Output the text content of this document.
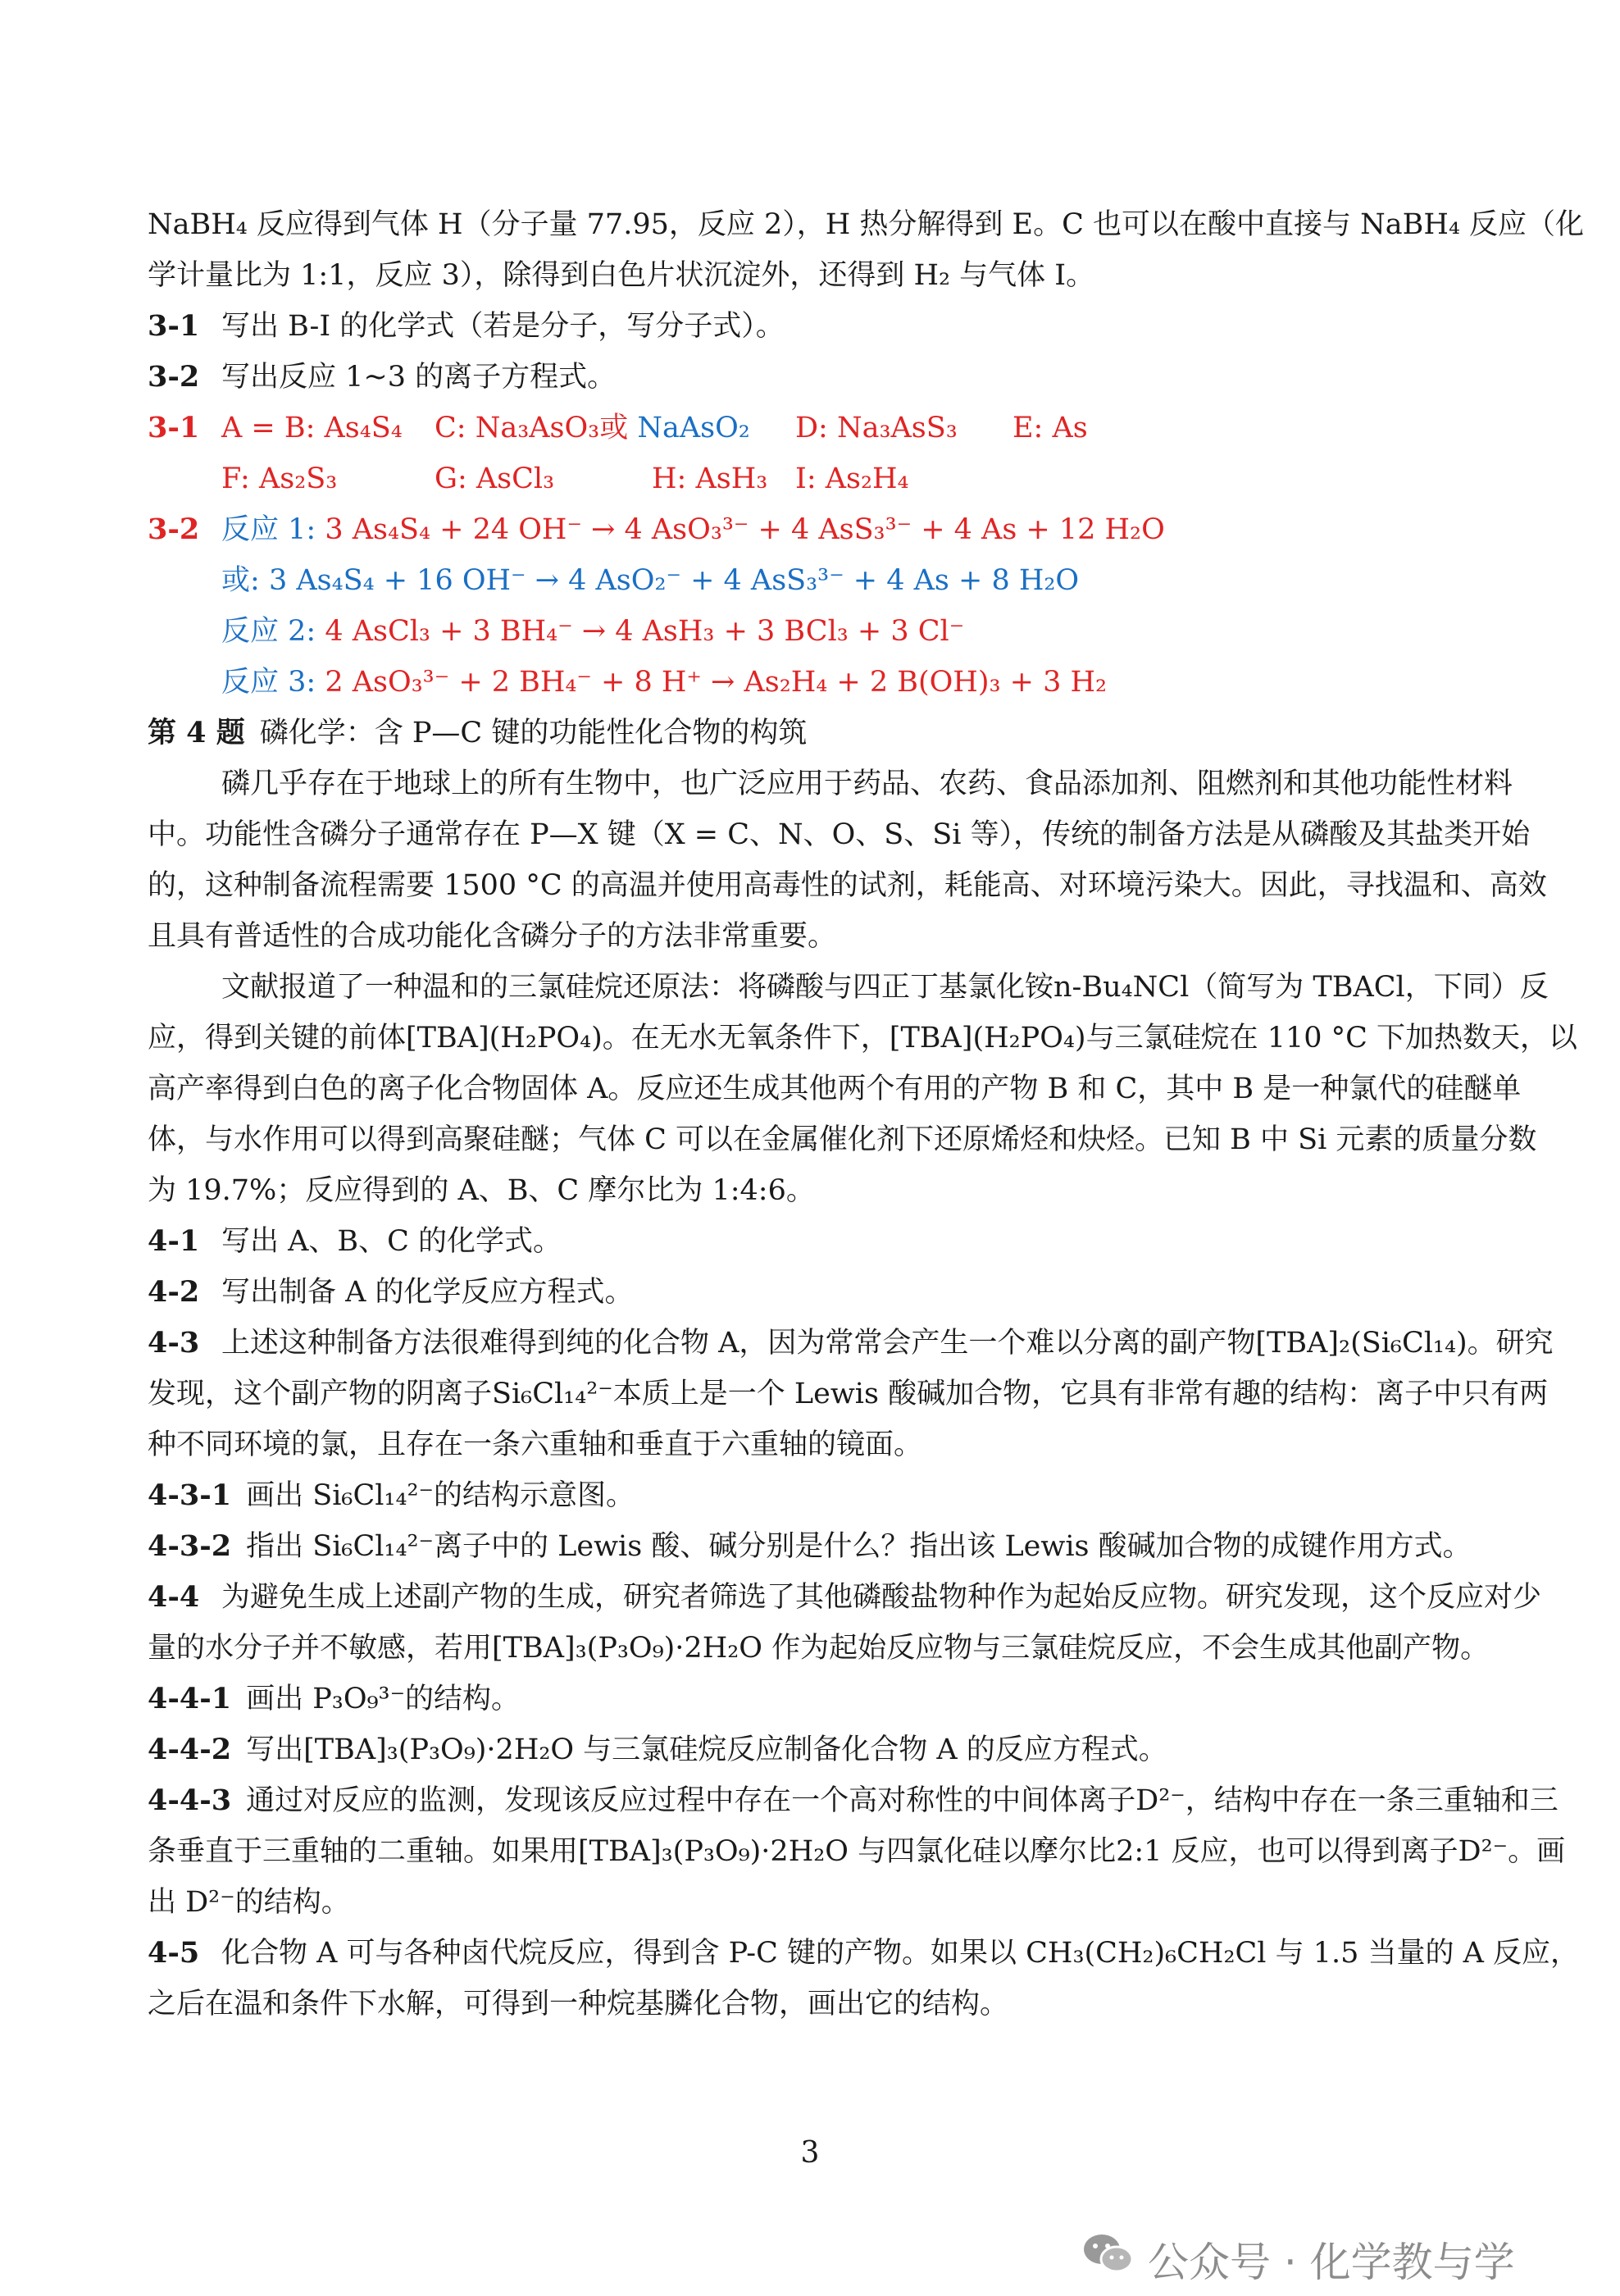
NaBH₄ 反应得到气体 H（分子量 77.95，反应 2），H 热分解得到 E。C 也可以在酸中直接与 NaBH₄ 反应（化
学计量比为 1:1，反应 3），除得到白色片状沉淀外，还得到 H₂ 与气体 I。
3-1 写出 B-I 的化学式（若是分子，写分子式）。
3-2 写出反应 1~3 的离子方程式。
3-1 A = B: As₄S₄ C: Na₃AsO₃或 NaAsO₂ D: Na₃AsS₃ E: As
F: As₂S₃	G: AsCl₃	H: AsH₃ I: As₂H₄
3-2 反应 1: 3 As₄S₄ + 24 OH⁻ → 4 AsO₃³⁻ + 4 AsS₃³⁻ + 4 As + 12 H₂O
或: 3 As₄S₄ + 16 OH⁻ → 4 AsO₂⁻ + 4 AsS₃³⁻ + 4 As + 8 H₂O
反应 2: 4 AsCl₃ + 3 BH₄⁻ → 4 AsH₃ + 3 BCl₃ + 3 Cl⁻
反应 3: 2 AsO₃³⁻ + 2 BH₄⁻ + 8 H⁺ → As₂H₄ + 2 B(OH)₃ + 3 H₂
第 4 题 磷化学：含 P—C 键的功能性化合物的构筑
磷几乎存在于地球上的所有生物中，也广泛应用于药品、农药、食品添加剂、阻燃剂和其他功能性材料
中。功能性含磷分子通常存在 P—X 键（X = C、N、O、S、Si 等），传统的制备方法是从磷酸及其盐类开始
的，这种制备流程需要 1500 °C 的高温并使用高毒性的试剂，耗能高、对环境污染大。因此，寻找温和、高效
且具有普适性的合成功能化含磷分子的方法非常重要。
文献报道了一种温和的三氯硅烷还原法：将磷酸与四正丁基氯化铵n-Bu₄NCl（简写为 TBACl，下同）反
应，得到关键的前体[TBA](H₂PO₄)。在无水无氧条件下，[TBA](H₂PO₄)与三氯硅烷在 110 °C 下加热数天，以
高产率得到白色的离子化合物固体 A。反应还生成其他两个有用的产物 B 和 C，其中 B 是一种氯代的硅醚单
体，与水作用可以得到高聚硅醚；气体 C 可以在金属催化剂下还原烯烃和炔烃。已知 B 中 Si 元素的质量分数
为 19.7%；反应得到的 A、B、C 摩尔比为 1:4:6。
4-1 写出 A、B、C 的化学式。
4-2 写出制备 A 的化学反应方程式。
4-3 上述这种制备方法很难得到纯的化合物 A，因为常常会产生一个难以分离的副产物[TBA]₂(Si₆Cl₁₄)。研究
发现，这个副产物的阴离子Si₆Cl₁₄²⁻本质上是一个 Lewis 酸碱加合物，它具有非常有趣的结构：离子中只有两
种不同环境的氯，且存在一条六重轴和垂直于六重轴的镜面。
4-3-1 画出 Si₆Cl₁₄²⁻的结构示意图。
4-3-2 指出 Si₆Cl₁₄²⁻离子中的 Lewis 酸、碱分别是什么？指出该 Lewis 酸碱加合物的成键作用方式。
4-4 为避免生成上述副产物的生成，研究者筛选了其他磷酸盐物种作为起始反应物。研究发现，这个反应对少
量的水分子并不敏感，若用[TBA]₃(P₃O₉)·2H₂O 作为起始反应物与三氯硅烷反应，不会生成其他副产物。
4-4-1 画出 P₃O₉³⁻的结构。
4-4-2 写出[TBA]₃(P₃O₉)·2H₂O 与三氯硅烷反应制备化合物 A 的反应方程式。
4-4-3 通过对反应的监测，发现该反应过程中存在一个高对称性的中间体离子D²⁻，结构中存在一条三重轴和三
条垂直于三重轴的二重轴。如果用[TBA]₃(P₃O₉)·2H₂O 与四氯化硅以摩尔比2:1 反应，也可以得到离子D²⁻。画
出 D²⁻的结构。
4-5 化合物 A 可与各种卤代烷反应，得到含 P-C 键的产物。如果以 CH₃(CH₂)₆CH₂Cl 与 1.5 当量的 A 反应，
之后在温和条件下水解，可得到一种烷基膦化合物，画出它的结构。
3
公众号 · 化学教与学
